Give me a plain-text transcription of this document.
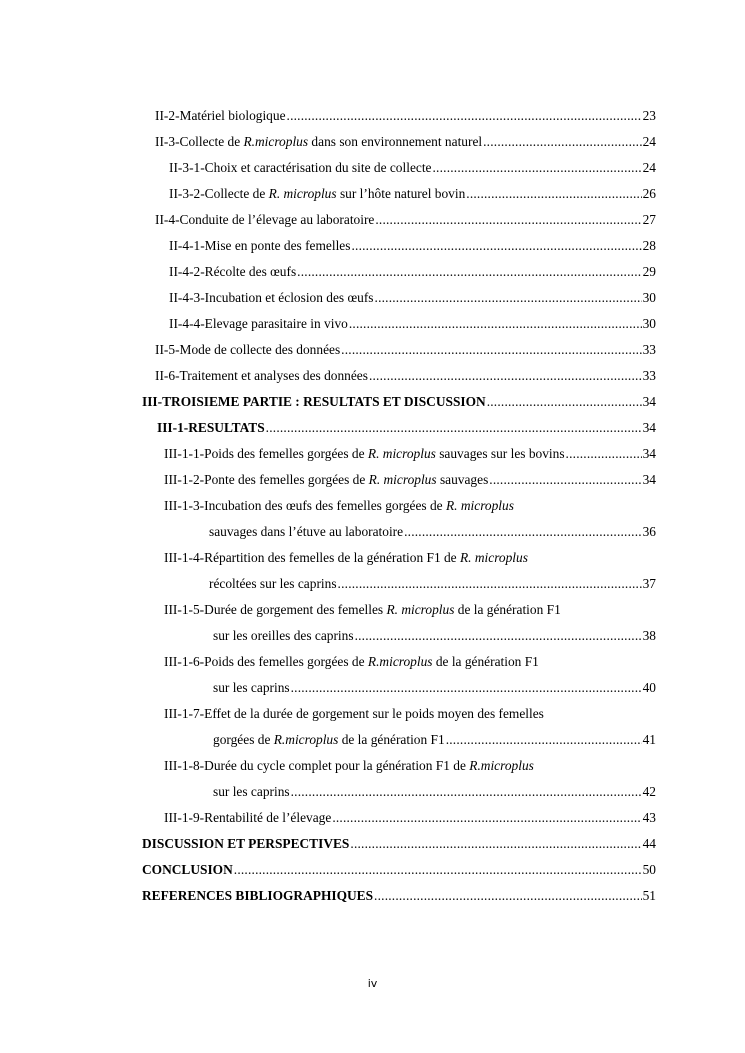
II-2-Matériel biologique .....	23
II-3-Collecte de R.microplus dans son environnement naturel .....	24
II-3-1-Choix et caractérisation du site de collecte .....	24
II-3-2-Collecte de R. microplus sur l’hôte naturel bovin .....	26
II-4-Conduite de l’élevage au laboratoire .....	27
II-4-1-Mise en ponte des femelles .....	28
II-4-2-Récolte des œufs .....	29
II-4-3-Incubation et éclosion des œufs .....	30
II-4-4-Elevage parasitaire in vivo .....	30
II-5-Mode de collecte des données .....	33
II-6-Traitement et analyses des données .....	33
III-TROISIEME PARTIE : RESULTATS ET DISCUSSION .....	34
III-1-RESULTATS .....	34
III-1-1-Poids des femelles gorgées de R. microplus sauvages sur les bovins .....	34
III-1-2-Ponte des femelles gorgées de R. microplus sauvages .....	34
III-1-3-Incubation des œufs des femelles gorgées de R. microplus
sauvages dans l’étuve au laboratoire .....	36
III-1-4-Répartition des femelles de la génération F1 de R. microplus
récoltées sur les caprins .....	37
III-1-5-Durée de gorgement des femelles R. microplus de la génération F1
sur les oreilles des caprins .....	38
III-1-6-Poids des femelles gorgées de R.microplus de la génération F1
sur les caprins .....	40
III-1-7-Effet de la durée de gorgement sur le poids moyen des femelles
gorgées de R.microplus de la génération F1 .....	41
III-1-8-Durée du cycle complet pour la génération F1 de R.microplus
sur les caprins .....	42
III-1-9-Rentabilité de l’élevage .....	43
DISCUSSION ET PERSPECTIVES .....	44
CONCLUSION .....	50
REFERENCES BIBLIOGRAPHIQUES .....	51
iv
